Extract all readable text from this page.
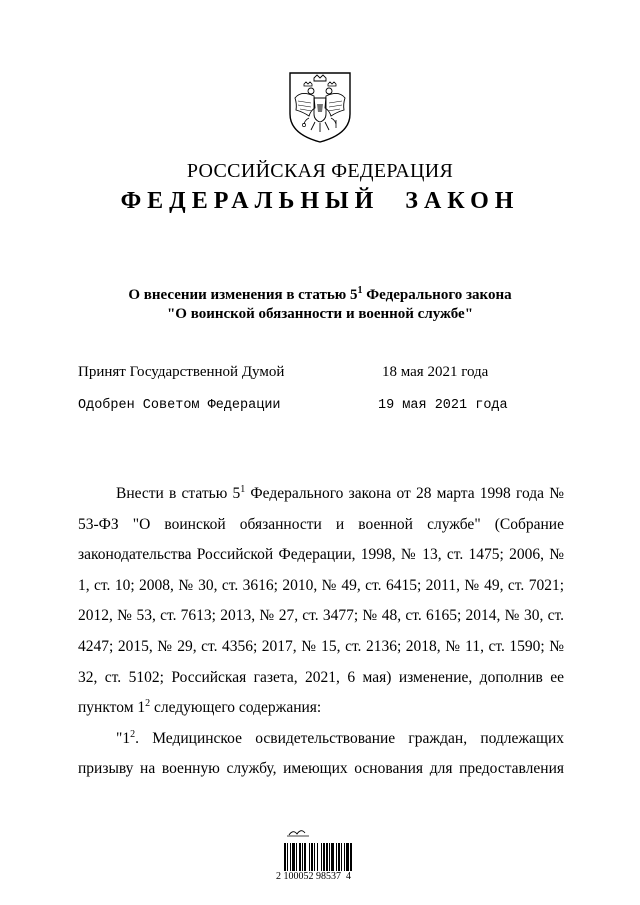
РОССИЙСКАЯ ФЕДЕРАЦИЯ
ФЕДЕРАЛЬНЫЙ ЗАКОН
О внесении изменения в статью $5^1$ Федерального закона
"О воинской обязанности и военной службе"
Принят Государственной Думой	18 мая 2021 года
Одобрен Советом Федерации	19 мая 2021 года

Внести в статью $5^1$ Федерального закона от 28 марта 1998 года № 53-ФЗ "О воинской обязанности и военной службе" (Собрание законодательства Российской Федерации, 1998, № 13, ст. 1475; 2006, № 1, ст. 10; 2008, № 30, ст. 3616; 2010, № 49, ст. 6415; 2011, № 49, ст. 7021; 2012, № 53, ст. 7613; 2013, № 27, ст. 3477; № 48, ст. 6165; 2014, № 30, ст. 4247; 2015, № 29, ст. 4356; 2017, № 15, ст. 2136; 2018, № 11, ст. 1590; № 32, ст. 5102; Российская газета, 2021, 6 мая) изменение, дополнив ее пунктом $1^2$ следующего содержания:

"$1^2$. Медицинское освидетельствование граждан, подлежащих призыву на военную службу, имеющих основания для предоставления

2 100052 98537  4
